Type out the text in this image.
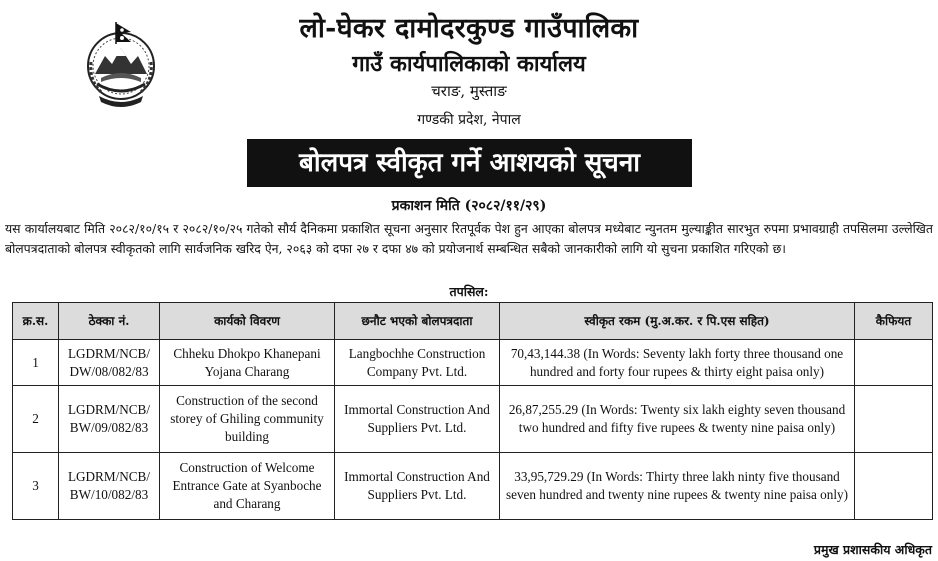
लो-घेकर दामोदरकुण्ड गाउँपालिका
गाउँ कार्यपालिकाको कार्यालय
चराङ, मुस्ताङ
गण्डकी प्रदेश, नेपाल
बोलपत्र स्वीकृत गर्ने आशयको सूचना
प्रकाशन मिति (२०८२/११/२९)
यस कार्यालयबाट मिति २०८२/१०/१५ र २०८२/१०/२५ गतेको सौर्य दैनिकमा प्रकाशित सूचना अनुसार रितपूर्वक पेश हुन आएका बोलपत्र मध्येबाट न्युनतम मुल्याङ्कीत सारभुत रुपमा प्रभावग्राही तपसिलमा उल्लेखित बोलपत्रदाताको बोलपत्र स्वीकृतको लागि सार्वजनिक खरिद ऐन, २०६३ को दफा २७ र दफा ४७ को प्रयोजनार्थ सम्बन्धित सबैको जानकारीको लागि यो सुचना प्रकाशित गरिएको छ।
तपसिल:
क्र.स.	ठेक्का नं.	कार्यको विवरण	छनौट भएको बोलपत्रदाता	स्वीकृत रकम (मु.अ.कर. र पि.एस सहित)	कैफियत
1	LGDRM/NCB/ DW/08/082/83	Chheku Dhokpo Khanepani Yojana Charang	Langbochhe Construction Company Pvt. Ltd.	70,43,144.38 (In Words: Seventy lakh forty three thousand one hundred and forty four rupees & thirty eight paisa only)	
2	LGDRM/NCB/ BW/09/082/83	Construction of the second storey of Ghiling community building	Immortal Construction And Suppliers Pvt. Ltd.	26,87,255.29 (In Words: Twenty six lakh eighty seven thousand two hundred and fifty five rupees & twenty nine paisa only)	
3	LGDRM/NCB/ BW/10/082/83	Construction of Welcome Entrance Gate at Syanboche and Charang	Immortal Construction And Suppliers Pvt. Ltd.	33,95,729.29 (In Words: Thirty three lakh ninty five thousand seven hundred and twenty nine rupees & twenty nine paisa only)	
प्रमुख प्रशासकीय अधिकृत
